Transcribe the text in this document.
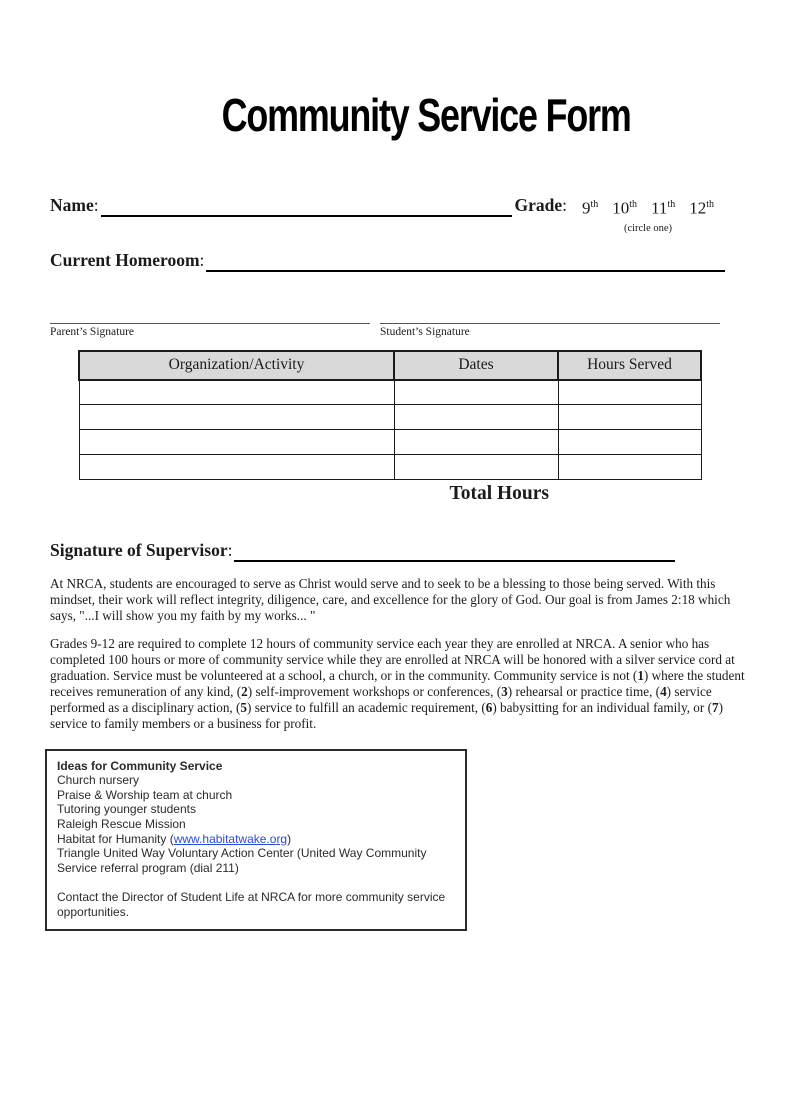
Community Service Form
Name :	Grade : 9th 10th 11th 12th
(circle one)
Current Homeroom :
Parent’s Signature	Student’s Signature
Organization/Activity	Dates	Hours Served

Total Hours		
Signature of Supervisor :
At NRCA, students are encouraged to serve as Christ would serve and to seek to be a blessing to those being served. With this mindset, their work will reflect integrity, diligence, care, and excellence for the glory of God. Our goal is from James 2:18 which says, "...I will show you my faith by my works... "
Grades 9-12 are required to complete 12 hours of community service each year they are enrolled at NRCA. A senior who has completed 100 hours or more of community service while they are enrolled at NRCA will be honored with a silver service cord at graduation. Service must be volunteered at a school, a church, or in the community. Community service is not (1) where the student receives remuneration of any kind, (2) self-improvement workshops or conferences, (3) rehearsal or practice time, (4) service performed as a disciplinary action, (5) service to fulfill an academic requirement, (6) babysitting for an individual family, or (7) service to family members or a business for profit.
Ideas for Community Service
Church nursery
Praise & Worship team at church
Tutoring younger students
Raleigh Rescue Mission
Habitat for Humanity (www.habitatwake.org)
Triangle United Way Voluntary Action Center (United Way Community
Service referral program (dial 211)

Contact the Director of Student Life at NRCA for more community service
opportunities.
